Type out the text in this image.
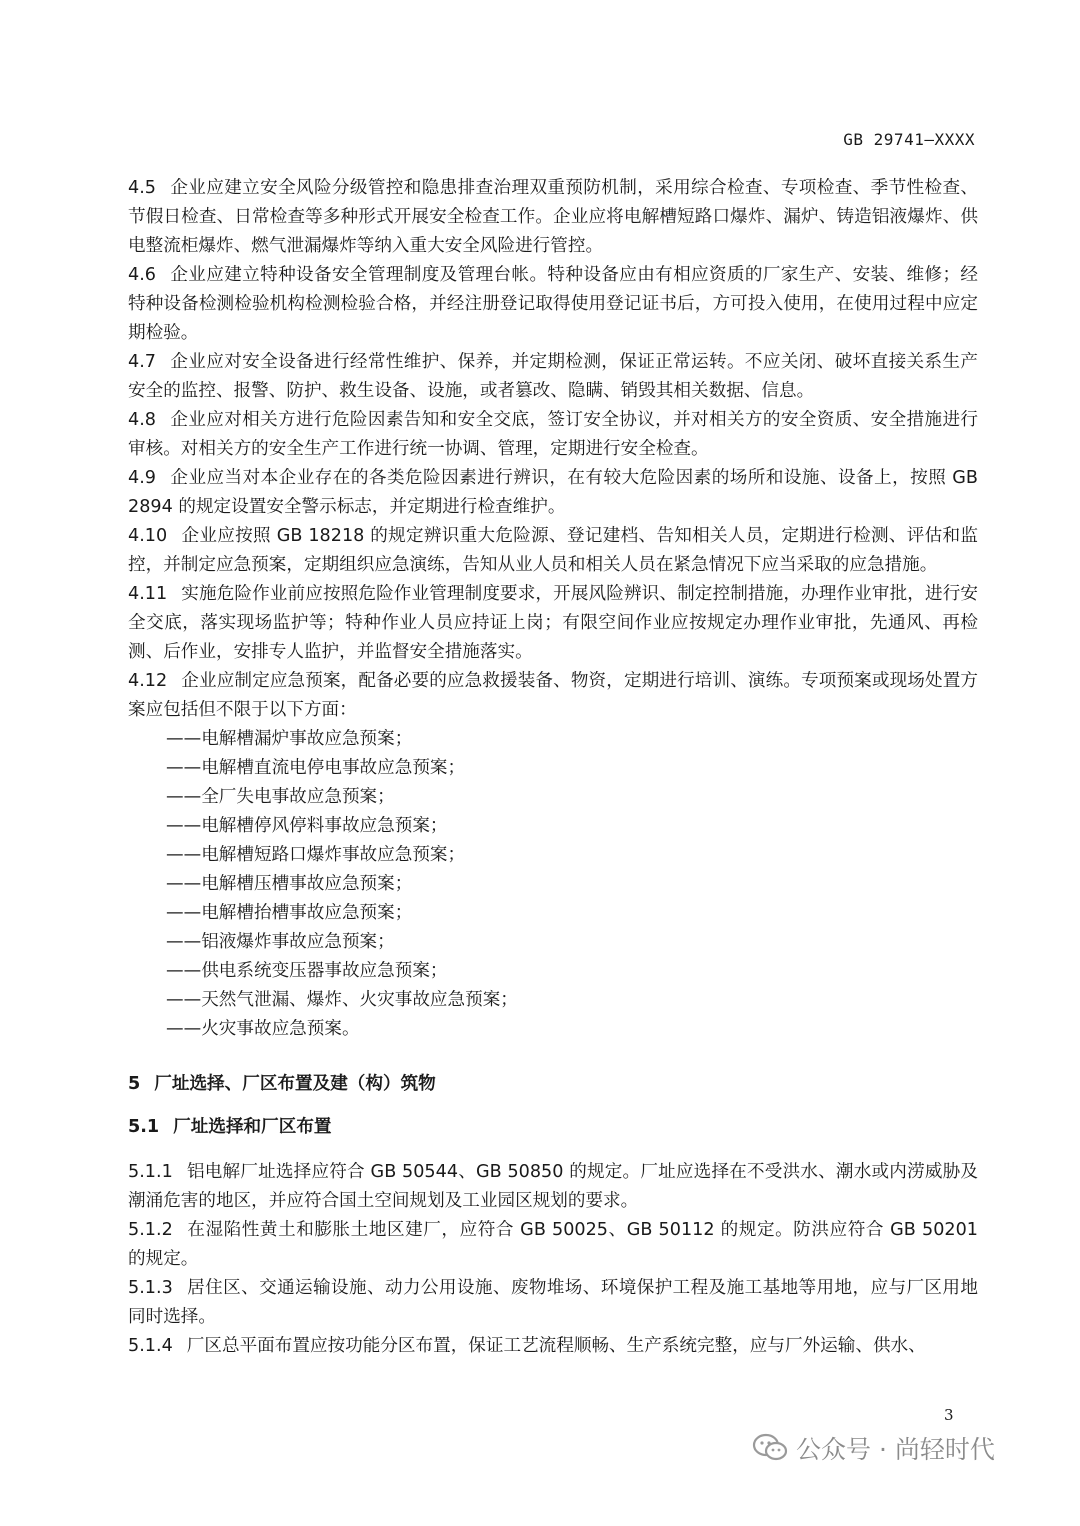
GB 29741—XXXX

4.5 企业应建立安全风险分级管控和隐患排查治理双重预防机制，采用综合检查、专项检查、季节性检查、节假日检查、日常检查等多种形式开展安全检查工作。企业应将电解槽短路口爆炸、漏炉、铸造铝液爆炸、供电整流柜爆炸、燃气泄漏爆炸等纳入重大安全风险进行管控。

4.6 企业应建立特种设备安全管理制度及管理台帐。特种设备应由有相应资质的厂家生产、安装、维修；经特种设备检测检验机构检测检验合格，并经注册登记取得使用登记证书后，方可投入使用，在使用过程中应定期检验。

4.7 企业应对安全设备进行经常性维护、保养，并定期检测，保证正常运转。不应关闭、破坏直接关系生产安全的监控、报警、防护、救生设备、设施，或者篡改、隐瞒、销毁其相关数据、信息。

4.8 企业应对相关方进行危险因素告知和安全交底，签订安全协议，并对相关方的安全资质、安全措施进行审核。对相关方的安全生产工作进行统一协调、管理，定期进行安全检查。

4.9 企业应当对本企业存在的各类危险因素进行辨识，在有较大危险因素的场所和设施、设备上，按照 GB 2894 的规定设置安全警示标志，并定期进行检查维护。

4.10 企业应按照 GB 18218 的规定辨识重大危险源、登记建档、告知相关人员，定期进行检测、评估和监控，并制定应急预案，定期组织应急演练，告知从业人员和相关人员在紧急情况下应当采取的应急措施。

4.11 实施危险作业前应按照危险作业管理制度要求，开展风险辨识、制定控制措施，办理作业审批，进行安全交底，落实现场监护等；特种作业人员应持证上岗；有限空间作业应按规定办理作业审批，先通风、再检测、后作业，安排专人监护，并监督安全措施落实。

4.12 企业应制定应急预案，配备必要的应急救援装备、物资，定期进行培训、演练。专项预案或现场处置方案应包括但不限于以下方面：

——电解槽漏炉事故应急预案；
——电解槽直流电停电事故应急预案；
——全厂失电事故应急预案；
——电解槽停风停料事故应急预案；
——电解槽短路口爆炸事故应急预案；
——电解槽压槽事故应急预案；
——电解槽抬槽事故应急预案；
——铝液爆炸事故应急预案；
——供电系统变压器事故应急预案；
——天然气泄漏、爆炸、火灾事故应急预案；
——火灾事故应急预案。

5 厂址选择、厂区布置及建（构）筑物

5.1 厂址选择和厂区布置

5.1.1 铝电解厂址选择应符合 GB 50544、GB 50850 的规定。厂址应选择在不受洪水、潮水或内涝威胁及潮涌危害的地区，并应符合国土空间规划及工业园区规划的要求。

5.1.2 在湿陷性黄土和膨胀土地区建厂，应符合 GB 50025、GB 50112 的规定。防洪应符合 GB 50201 的规定。

5.1.3 居住区、交通运输设施、动力公用设施、废物堆场、环境保护工程及施工基地等用地，应与厂区用地同时选择。

5.1.4 厂区总平面布置应按功能分区布置，保证工艺流程顺畅、生产系统完整，应与厂外运输、供水、

3
公众号 · 尚轻时代
